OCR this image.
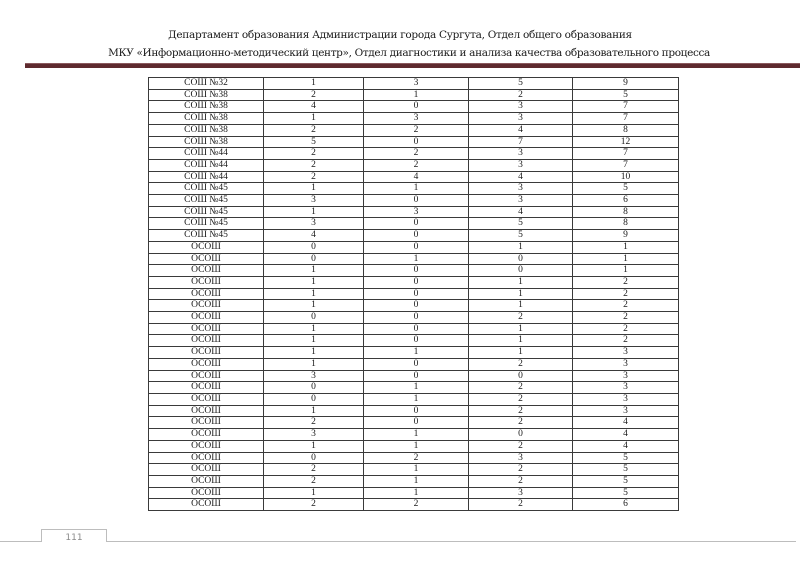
Департамент образования Администрации города Сургута, Отдел общего образования
МКУ «Информационно-методический центр», Отдел диагностики и анализа качества образовательного процесса
СОШ №32	1	3	5	9
СОШ №38	2	1	2	5
СОШ №38	4	0	3	7
СОШ №38	1	3	3	7
СОШ №38	2	2	4	8
СОШ №38	5	0	7	12
СОШ №44	2	2	3	7
СОШ №44	2	2	3	7
СОШ №44	2	4	4	10
СОШ №45	1	1	3	5
СОШ №45	3	0	3	6
СОШ №45	1	3	4	8
СОШ №45	3	0	5	8
СОШ №45	4	0	5	9
ОСОШ	0	0	1	1
ОСОШ	0	1	0	1
ОСОШ	1	0	0	1
ОСОШ	1	0	1	2
ОСОШ	1	0	1	2
ОСОШ	1	0	1	2
ОСОШ	0	0	2	2
ОСОШ	1	0	1	2
ОСОШ	1	0	1	2
ОСОШ	1	1	1	3
ОСОШ	1	0	2	3
ОСОШ	3	0	0	3
ОСОШ	0	1	2	3
ОСОШ	0	1	2	3
ОСОШ	1	0	2	3
ОСОШ	2	0	2	4
ОСОШ	3	1	0	4
ОСОШ	1	1	2	4
ОСОШ	0	2	3	5
ОСОШ	2	1	2	5
ОСОШ	2	1	2	5
ОСОШ	1	1	3	5
ОСОШ	2	2	2	6
111
